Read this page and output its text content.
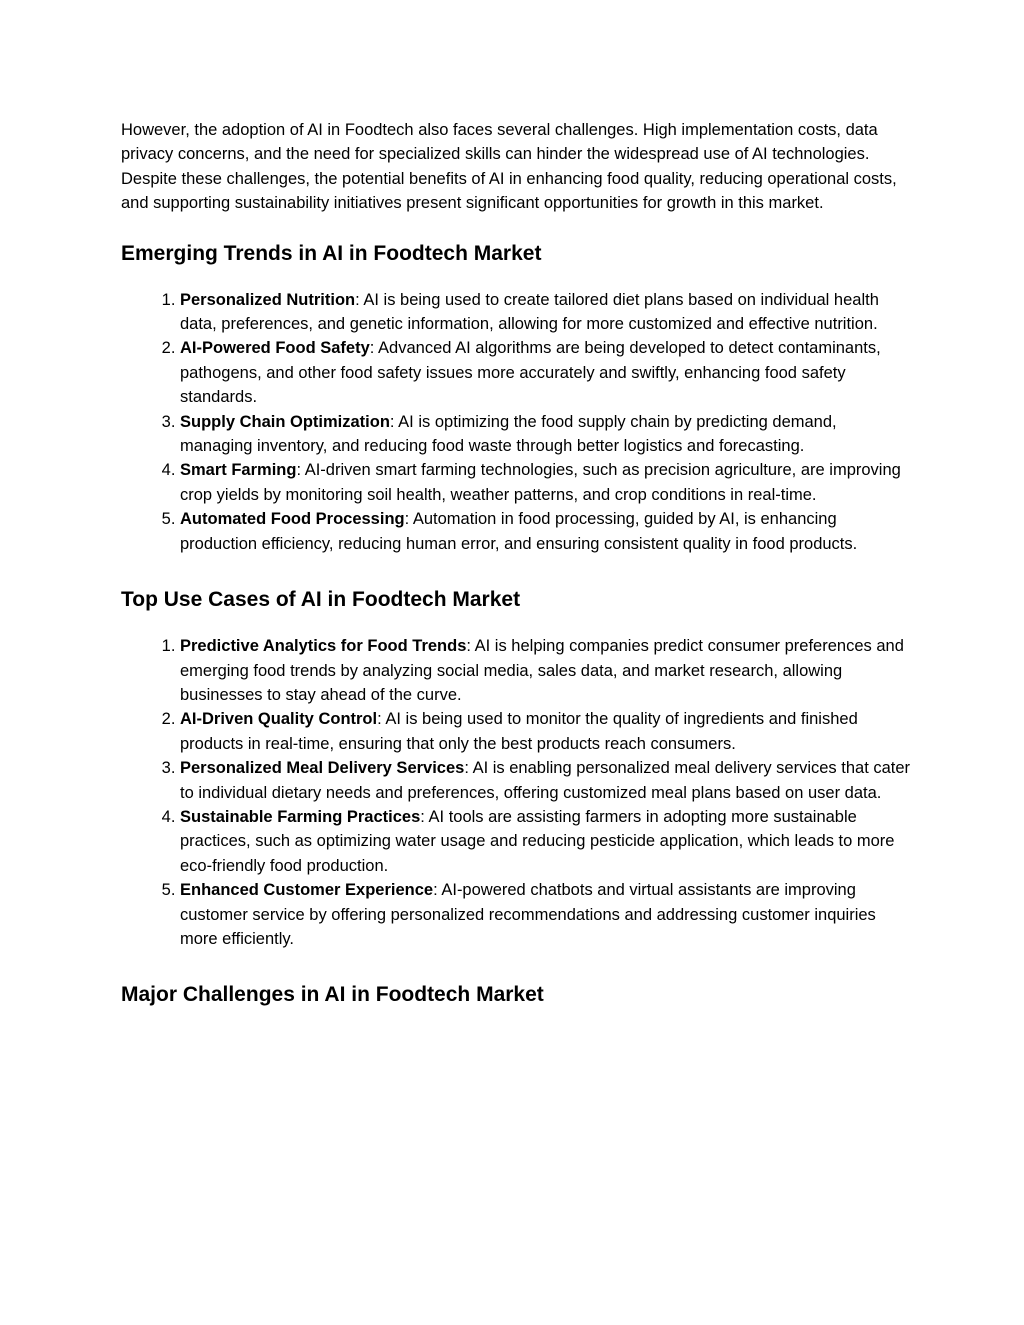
However, the adoption of AI in Foodtech also faces several challenges. High implementation costs, data privacy concerns, and the need for specialized skills can hinder the widespread use of AI technologies. Despite these challenges, the potential benefits of AI in enhancing food quality, reducing operational costs, and supporting sustainability initiatives present significant opportunities for growth in this market.

Emerging Trends in AI in Foodtech Market
1. Personalized Nutrition: AI is being used to create tailored diet plans based on individual health data, preferences, and genetic information, allowing for more customized and effective nutrition.
2. AI-Powered Food Safety: Advanced AI algorithms are being developed to detect contaminants, pathogens, and other food safety issues more accurately and swiftly, enhancing food safety standards.
3. Supply Chain Optimization: AI is optimizing the food supply chain by predicting demand, managing inventory, and reducing food waste through better logistics and forecasting.
4. Smart Farming: AI-driven smart farming technologies, such as precision agriculture, are improving crop yields by monitoring soil health, weather patterns, and crop conditions in real-time.
5. Automated Food Processing: Automation in food processing, guided by AI, is enhancing production efficiency, reducing human error, and ensuring consistent quality in food products.
Top Use Cases of AI in Foodtech Market
1. Predictive Analytics for Food Trends: AI is helping companies predict consumer preferences and emerging food trends by analyzing social media, sales data, and market research, allowing businesses to stay ahead of the curve.
2. AI-Driven Quality Control: AI is being used to monitor the quality of ingredients and finished products in real-time, ensuring that only the best products reach consumers.
3. Personalized Meal Delivery Services: AI is enabling personalized meal delivery services that cater to individual dietary needs and preferences, offering customized meal plans based on user data.
4. Sustainable Farming Practices: AI tools are assisting farmers in adopting more sustainable practices, such as optimizing water usage and reducing pesticide application, which leads to more eco-friendly food production.
5. Enhanced Customer Experience: AI-powered chatbots and virtual assistants are improving customer service by offering personalized recommendations and addressing customer inquiries more efficiently.
Major Challenges in AI in Foodtech Market
